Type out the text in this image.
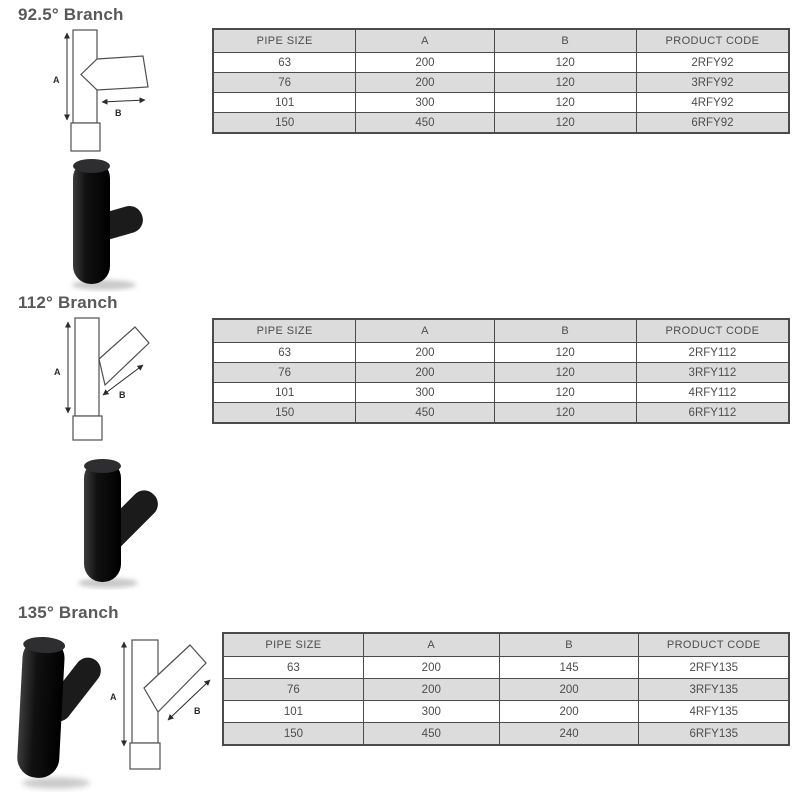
92.5° Branch
A
B
PIPE SIZE	A	B	PRODUCT CODE
63	200	120	2RFY92
76	200	120	3RFY92
101	300	120	4RFY92
150	450	120	6RFY92
112° Branch
A
B
PIPE SIZE	A	B	PRODUCT CODE
63	200	120	2RFY112
76	200	120	3RFY112
101	300	120	4RFY112
150	450	120	6RFY112
135° Branch
A
B
PIPE SIZE	A	B	PRODUCT CODE
63	200	145	2RFY135
76	200	200	3RFY135
101	300	200	4RFY135
150	450	240	6RFY135
